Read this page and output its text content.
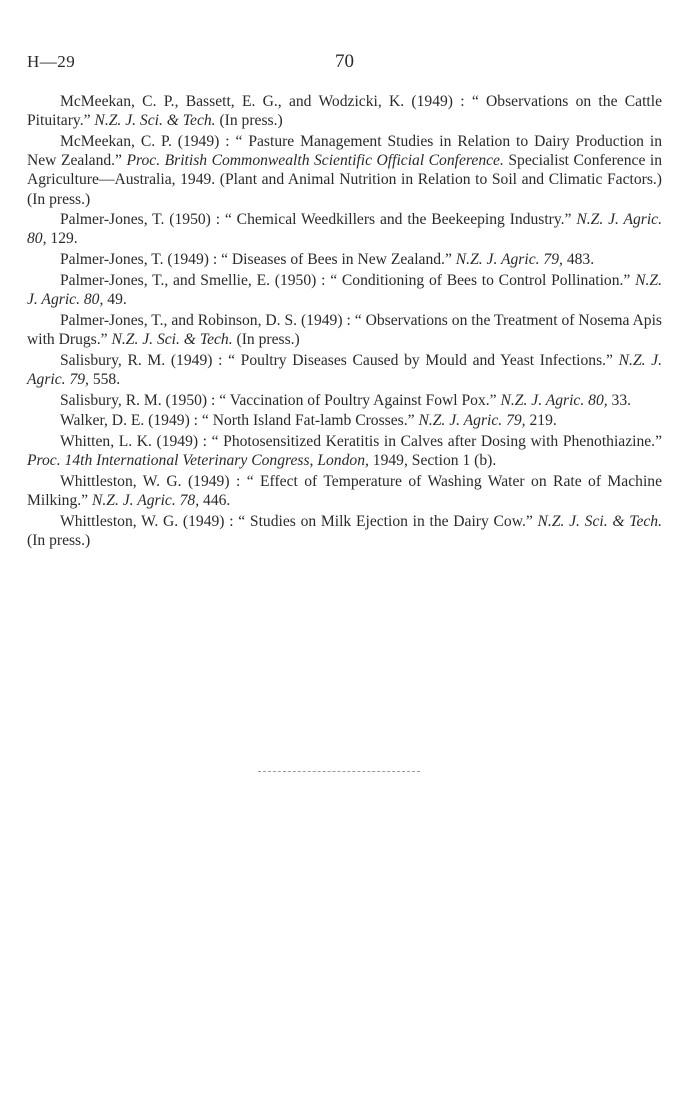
H—29	70

McMeekan, C. P., Bassett, E. G., and Wodzicki, K. (1949) : “ Observations on the Cattle Pituitary.” N.Z. J. Sci. & Tech. (In press.)

McMeekan, C. P. (1949) : “ Pasture Management Studies in Relation to Dairy Production in New Zealand.” Proc. British Commonwealth Scientific Official Conference. Specialist Conference in Agriculture—Australia, 1949. (Plant and Animal Nutrition in Relation to Soil and Climatic Factors.) (In press.)

Palmer-Jones, T. (1950) : “ Chemical Weedkillers and the Beekeeping Industry.” N.Z. J. Agric. 80, 129.

Palmer-Jones, T. (1949) : “ Diseases of Bees in New Zealand.” N.Z. J. Agric. 79, 483.

Palmer-Jones, T., and Smellie, E. (1950) : “ Conditioning of Bees to Control Pollination.” N.Z. J. Agric. 80, 49.

Palmer-Jones, T., and Robinson, D. S. (1949) : “ Observations on the Treatment of Nosema Apis with Drugs.” N.Z. J. Sci. & Tech. (In press.)

Salisbury, R. M. (1949) : “ Poultry Diseases Caused by Mould and Yeast Infections.” N.Z. J. Agric. 79, 558.

Salisbury, R. M. (1950) : “ Vaccination of Poultry Against Fowl Pox.” N.Z. J. Agric. 80, 33.

Walker, D. E. (1949) : “ North Island Fat-lamb Crosses.” N.Z. J. Agric. 79, 219.

Whitten, L. K. (1949) : “ Photosensitized Keratitis in Calves after Dosing with Phenothiazine.” Proc. 14th International Veterinary Congress, London, 1949, Section 1 (b).

Whittleston, W. G. (1949) : “ Effect of Temperature of Washing Water on Rate of Machine Milking.” N.Z. J. Agric. 78, 446.

Whittleston, W. G. (1949) : “ Studies on Milk Ejection in the Dairy Cow.” N.Z. J. Sci. & Tech. (In press.)
